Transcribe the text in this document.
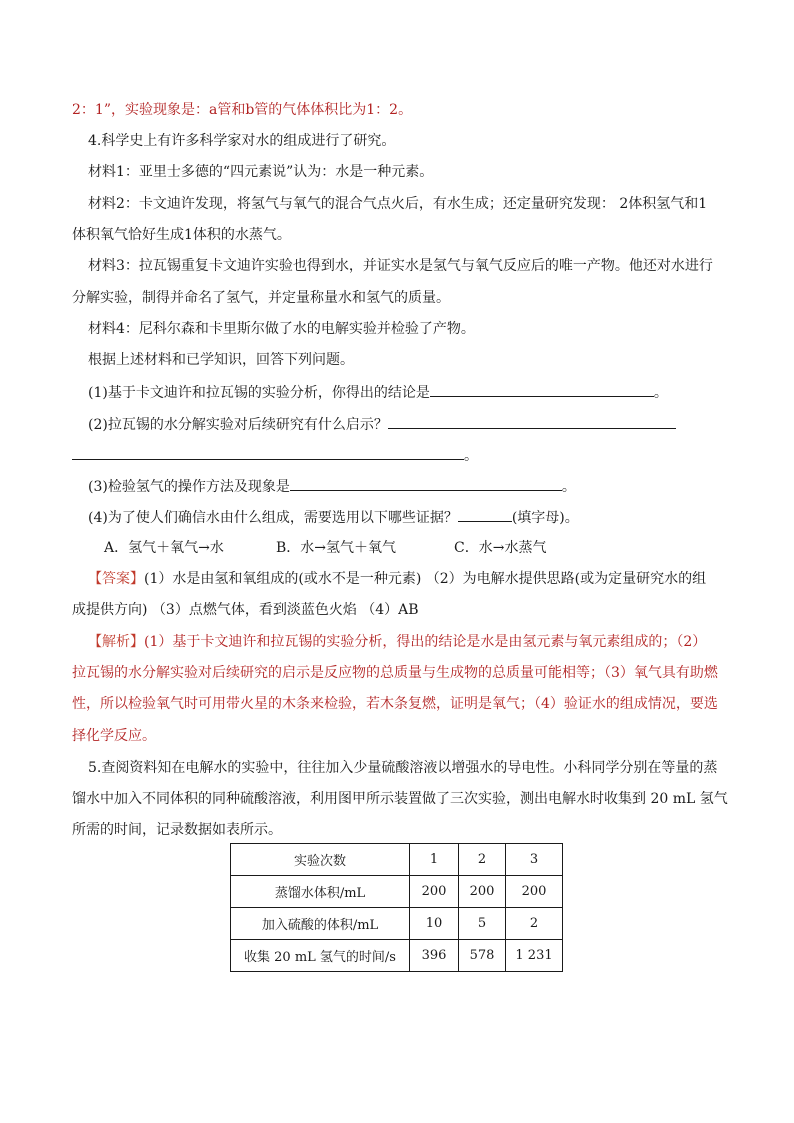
2：1”，实验现象是：a管和b管的气体体积比为1：2。
4.科学史上有许多科学家对水的组成进行了研究。
材料1：亚里士多德的“四元素说”认为：水是一种元素。
材料2：卡文迪许发现，将氢气与氧气的混合气点火后，有水生成；还定量研究发现： 2体积氢气和1
体积氧气恰好生成1体积的水蒸气。
材料3：拉瓦锡重复卡文迪许实验也得到水，并证实水是氢气与氧气反应后的唯一产物。他还对水进行
分解实验，制得并命名了氢气，并定量称量水和氢气的质量。
材料4：尼科尔森和卡里斯尔做了水的电解实验并检验了产物。
根据上述材料和已学知识，回答下列问题。
(1)基于卡文迪许和拉瓦锡的实验分析，你得出的结论是	。
(2)拉瓦锡的水分解实验对后续研究有什么启示？
。
(3)检验氢气的操作方法及现象是	。
(4)为了使人们确信水由什么组成，需要选用以下哪些证据？	(填字母)。
A．氢气＋氧气→水	B．水→氢气＋氧气	C．水→水蒸气
【答案】(1）水是由氢和氧组成的(或水不是一种元素) （2）为电解水提供思路(或为定量研究水的组
成提供方向) （3）点燃气体，看到淡蓝色火焰 （4）AB
【解析】(1）基于卡文迪许和拉瓦锡的实验分析，得出的结论是水是由氢元素与氧元素组成的；（2）
拉瓦锡的水分解实验对后续研究的启示是反应物的总质量与生成物的总质量可能相等；（3）氧气具有助燃
性，所以检验氧气时可用带火星的木条来检验，若木条复燃，证明是氧气；（4）验证水的组成情况，要选
择化学反应。
5.查阅资料知在电解水的实验中，往往加入少量硫酸溶液以增强水的导电性。小科同学分别在等量的蒸
馏水中加入不同体积的同种硫酸溶液，利用图甲所示装置做了三次实验，测出电解水时收集到 20 mL 氢气
所需的时间，记录数据如表所示。
实验次数	1	2	3
蒸馏水体积/mL	200	200	200
加入硫酸的体积/mL	10	5	2
收集 20 mL 氢气的时间/s	396	578	1 231
